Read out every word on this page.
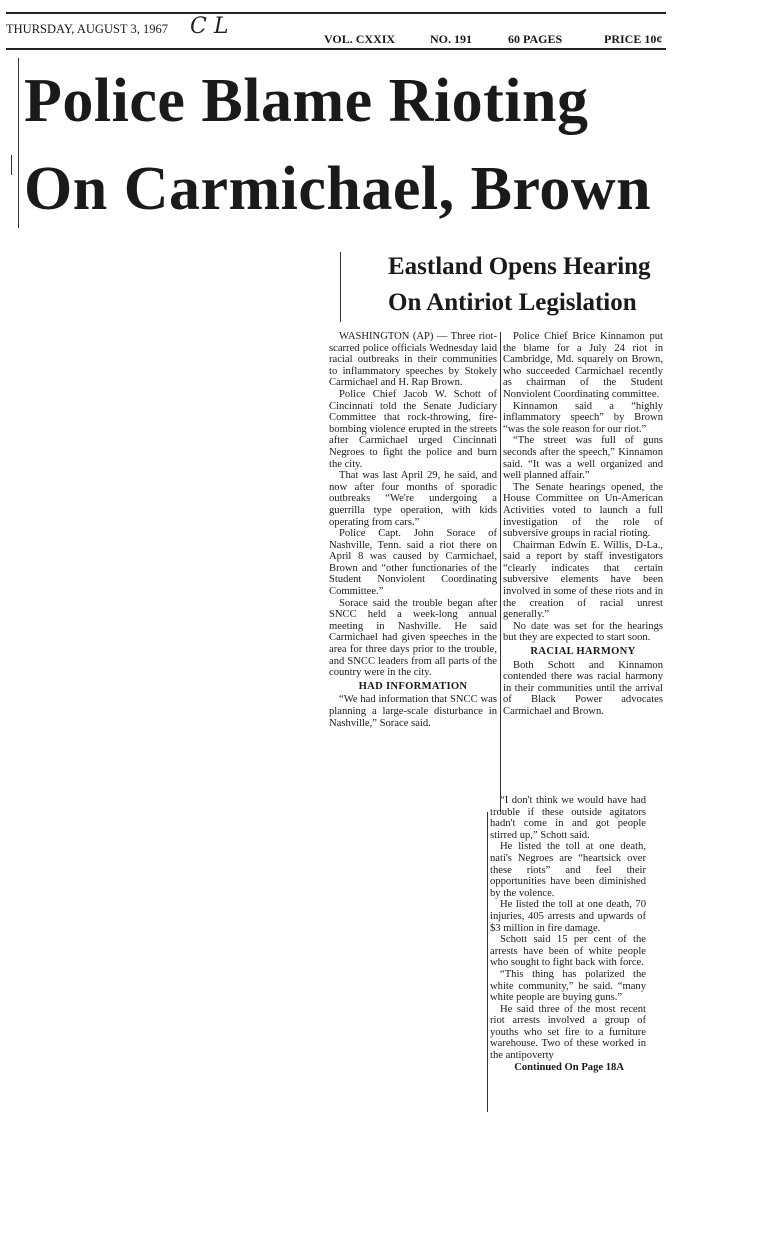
THURSDAY, AUGUST 3, 1967 C L	VOL. CXXIX	NO. 191	60 PAGES	PRICE 10¢
Police Blame Rioting
On Carmichael, Brown
Eastland Opens Hearing
On Antiriot Legislation

WASHINGTON (AP) — Three riot-scarred police officials Wednesday laid racial outbreaks in their communities to inflammatory speeches by Stokely Carmichael and H. Rap Brown.

Police Chief Jacob W. Schott of Cincinnati told the Senate Judiciary Committee that rock-throwing, fire-bombing violence erupted in the streets after Carmichael urged Cincinnati Negroes to fight the police and burn the city.

That was last April 29, he said, and now after four months of sporadic outbreaks “We're undergoing a guerrilla type operation, with kids operating from cars.”

Police Capt. John Sorace of Nashville, Tenn. said a riot there on April 8 was caused by Carmichael, Brown and “other functionaries of the Student Nonviolent Coordinating Committee.”

Sorace said the trouble began after SNCC held a week-long annual meeting in Nashville. He said Carmichael had given speeches in the area for three days prior to the trouble, and SNCC leaders from all parts of the country were in the city.

HAD INFORMATION

“We had information that SNCC was planning a large-scale disturbance in Nashville,” Sorace said.

Police Chief Brice Kinnamon put the blame for a July 24 riot in Cambridge, Md. squarely on Brown, who succeeded Carmichael recently as chairman of the Student Nonviolent Coordinating committee.

Kinnamon said a “highly inflammatory speech” by Brown “was the sole reason for our riot.”

“The street was full of guns seconds after the speech,” Kinnamon said. “It was a well organized and well planned affair.”

The Senate hearings opened, the House Committee on Un-American Activities voted to launch a full investigation of the role of subversive groups in racial rioting.

Chairman Edwin E. Willis, D-La., said a report by staff investigators “clearly indicates that certain subversive elements have been involved in some of these riots and in the creation of racial unrest generally.”

No date was set for the hearings but they are expected to start soon.

RACIAL HARMONY

Both Schott and Kinnamon contended there was racial harmony in their communities until the arrival of Black Power advocates Carmichael and Brown.

“I don't think we would have had trouble if these outside agitators hadn't come in and got people stirred up,” Schott said.

He listed the toll at one death, nati's Negroes are “heartsick over these riots” and feel their opportunities have been diminished by the volence.

He listed the toll at one death, 70 injuries, 405 arrests and upwards of $3 million in fire damage.

Schott said 15 per cent of the arrests have been of white people who sought to fight back with force.

“This thing has polarized the white community,” he said. “many white people are buying guns.”

He said three of the most recent riot arrests involved a group of youths who set fire to a furniture warehouse. Two of these worked in the antipoverty

Continued On Page 18A
